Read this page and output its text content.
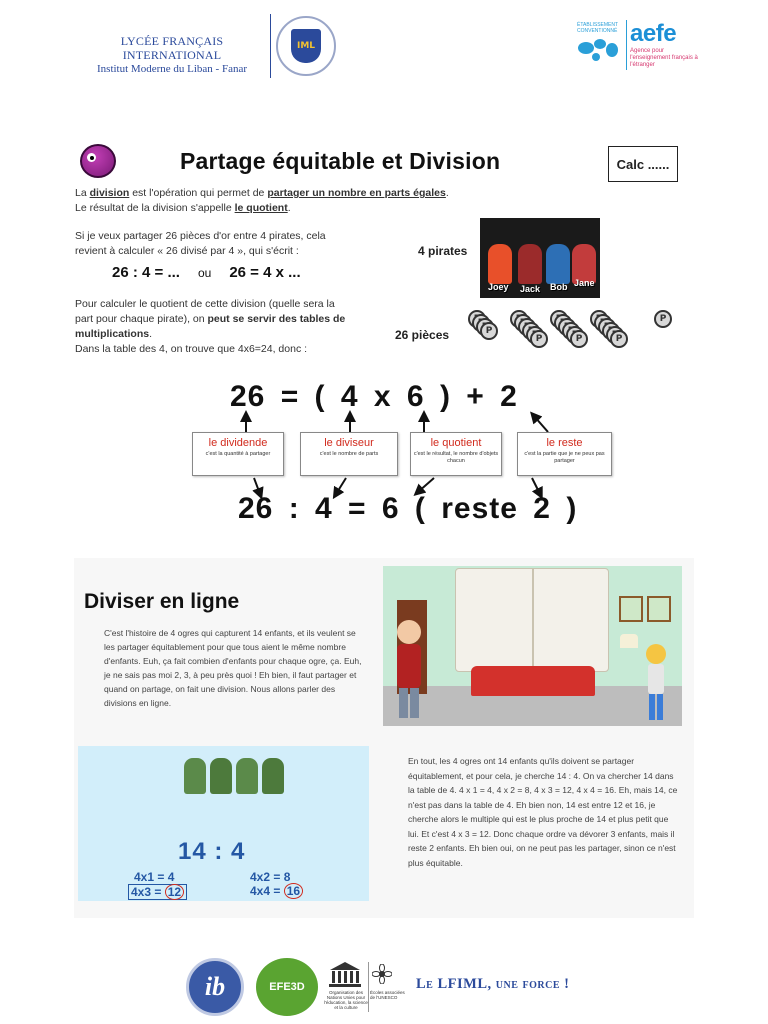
LYCÉE FRANÇAIS INTERNATIONAL
Institut Moderne du Liban - Fanar
IML
ÉTABLISSEMENT CONVENTIONNÉ aefe
Agence pour l'enseignement français à l'étranger
Partage équitable et Division	Calc ......
La division est l'opération qui permet de partager un nombre en parts égales.
Le résultat de la division s'appelle le quotient.
Si je veux partager 26 pièces d'or entre 4 pirates, cela
revient à calculer « 26 divisé par 4 », qui s'écrit :
26 : 4 = ... ou 26 = 4 x ...
Pour calculer le quotient de cette division (quelle sera la
part pour chaque pirate), on peut se servir des tables de
multiplications.
Dans la table des 4, on trouve que 4x6=24, donc :
4 pirates
Joey Jack Bob Jane
26 pièces	P
P	P	P
P
26 = ( 4 x 6 ) + 2
le dividende
c'est la quantité à partager
le diviseur
c'est le nombre de parts
le quotient
c'est le résultat, le nombre d'objets chacun
le reste
c'est la partie que je ne peux pas partager
26 : 4 = 6 ( reste 2 )
Diviser en ligne
C'est l'histoire de 4 ogres qui capturent 14 enfants, et ils veulent se les partager équitablement pour que tous aient le même nombre d'enfants. Euh, ça fait combien d'enfants pour chaque ogre, ça. Euh, je ne sais pas moi 2, 3, à peu près quoi ! Eh bien, il faut partager et quand on partage, on fait une division. Nous allons parler des divisions en ligne.
14 : 4
4x1 = 4	4x2 = 8
4x3 = 12	4x4 = 16
En tout, les 4 ogres ont 14 enfants qu'ils doivent se partager équitablement, et pour cela, je cherche 14 : 4. On va chercher 14 dans la table de 4. 4 x 1 = 4, 4 x 2 = 8, 4 x 3 = 12, 4 x 4 = 16. Eh, mais 14, ce n'est pas dans la table de 4. Eh bien non, 14 est entre 12 et 16, je cherche alors le multiple qui est le plus proche de 14 et plus petit que lui. Et c'est 4 x 3 = 12. Donc chaque ordre va dévorer 3 enfants, mais il reste 2 enfants. Eh bien oui, on ne peut pas les partager, sinon ce n'est plus équitable.
ib	EFE3D	Organisation des Nations Unies pour l'éducation, la science et la culture
Écoles associées de l'UNESCO
Le LFIML, une force !
